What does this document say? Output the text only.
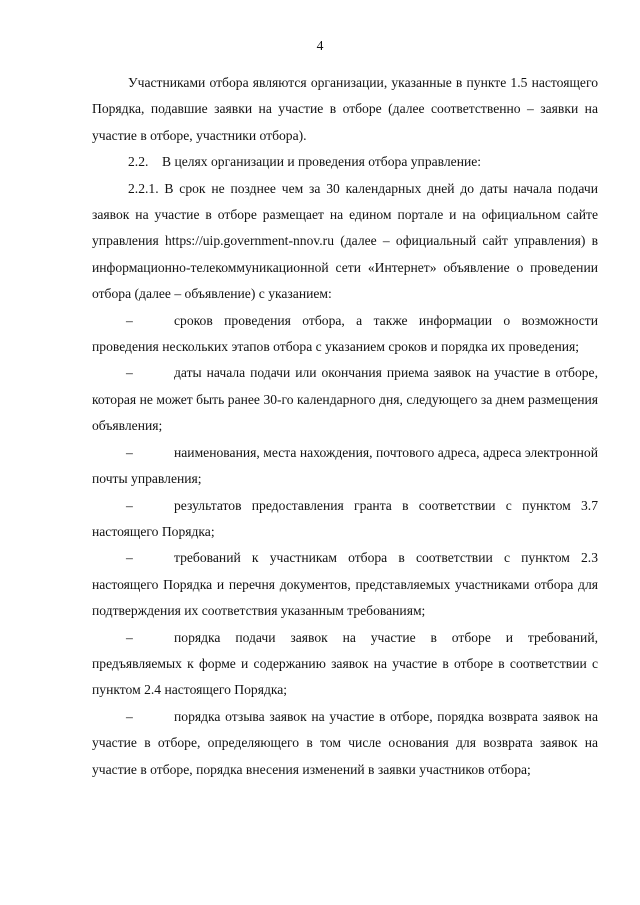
4

Участниками отбора являются организации, указанные в пункте 1.5 настоящего Порядка, подавшие заявки на участие в отборе (далее соответственно – заявки на участие в отборе, участники отбора).

2.2.    В целях организации и проведения отбора управление:

2.2.1. В срок не позднее чем за 30 календарных дней до даты начала подачи заявок на участие в отборе размещает на едином портале и на официальном сайте управления https://uip.government-nnov.ru (далее – официальный сайт управления) в информационно-телекоммуникационной сети «Интернет» объявление о проведении отбора (далее – объявление) с указанием:

–	сроков проведения отбора, а также информации о возможности проведения нескольких этапов отбора с указанием сроков и порядка их проведения;

–	даты начала подачи или окончания приема заявок на участие в отборе, которая не может быть ранее 30-го календарного дня, следующего за днем размещения объявления;

–	наименования, места нахождения, почтового адреса, адреса электронной почты управления;

–	результатов предоставления гранта в соответствии с пунктом 3.7 настоящего Порядка;

–	требований к участникам отбора в соответствии с пунктом 2.3 настоящего Порядка и перечня документов, представляемых участниками отбора для подтверждения их соответствия указанным требованиям;

–	порядка подачи заявок на участие в отборе и требований, предъявляемых к форме и содержанию заявок на участие в отборе в соответствии с пунктом 2.4 настоящего Порядка;

–	порядка отзыва заявок на участие в отборе, порядка возврата заявок на участие в отборе, определяющего в том числе основания для возврата заявок на участие в отборе, порядка внесения изменений в заявки участников отбора;
